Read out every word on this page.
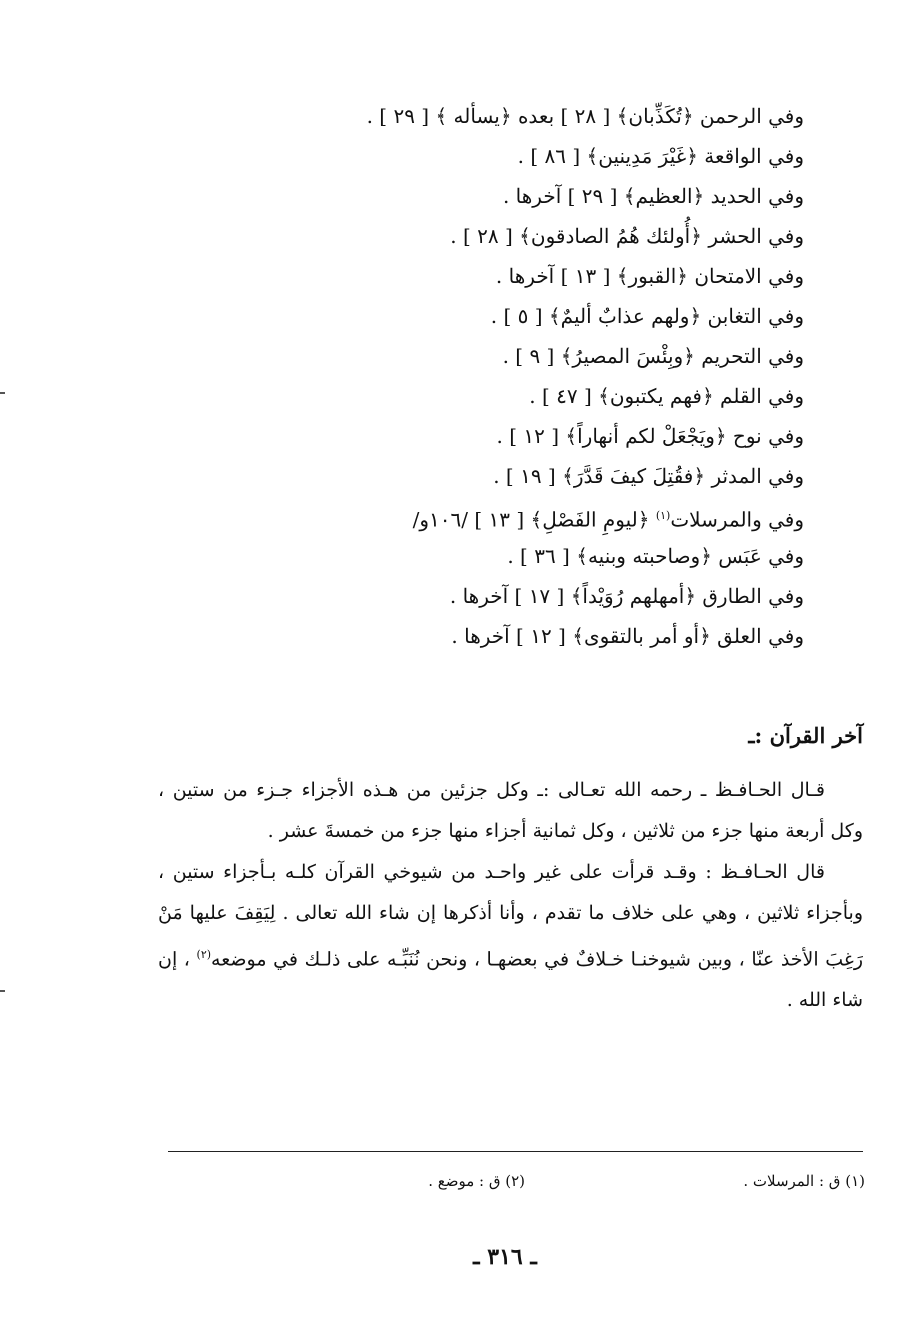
وفي الرحمن ﴿تُكَذِّبان﴾ [ ٢٨ ] بعده ﴿يسأله ﴾ [ ٢٩ ] .
وفي الواقعة ﴿غَيْرَ مَدِينين﴾ [ ٨٦ ] .
وفي الحديد ﴿العظيم﴾ [ ٢٩ ] آخرها .
وفي الحشر ﴿أُولئك هُمُ الصادقون﴾ [ ٢٨ ] .
وفي الامتحان ﴿القبور﴾ [ ١٣ ] آخرها .
وفي التغابن ﴿ولهم عذابٌ أليمٌ﴾ [ ٥ ] .
وفي التحريم ﴿وبِئْسَ المصيرُ﴾ [ ٩ ] .
وفي القلم ﴿فهم يكتبون﴾ [ ٤٧ ] .
وفي نوح ﴿ويَجْعَلْ لكم أنهاراً﴾ [ ١٢ ] .
وفي المدثر ﴿فقُتِلَ كيفَ قَدَّرَ﴾ [ ١٩ ] .
وفي والمرسلات$^{(١)}$ ﴿ليومِ الفَصْلِ﴾ [ ١٣ ] /١٠٦و/
وفي عَبَس ﴿وصاحبته وبنيه﴾ [ ٣٦ ] .
وفي الطارق ﴿أمهلهم رُوَيْداً﴾ [ ١٧ ] آخرها .
وفي العلق ﴿أو أمر بالتقوى﴾ [ ١٢ ] آخرها .
آخر القرآن :ـ

قـال الحـافـظ ـ رحمه الله تعـالى :ـ وكل جزئين من هـذه الأجزاء جـزء من ستين ، وكل أربعة منها جزء من ثلاثين ، وكل ثمانية أجزاء منها جزء من خمسةَ عشر .

قال الحـافـظ : وقـد قرأت على غير واحـد من شيوخي القرآن كلـه بـأجزاء ستين ، وبأجزاء ثلاثين ، وهي على خلاف ما تقدم ، وأنا أذكرها إن شاء الله تعالى . لِيَقِفَ عليها مَنْ رَغِبَ الأخذ عنّا ، وبين شيوخنـا خـلافٌ في بعضهـا ، ونحن نُنَبِّـه على ذلـك في موضعه$^{(٢)}$ ، إن شاء الله .

(١) ق : المرسلات .(٢) ق : موضع .
ـ ٣١٦ ـ
